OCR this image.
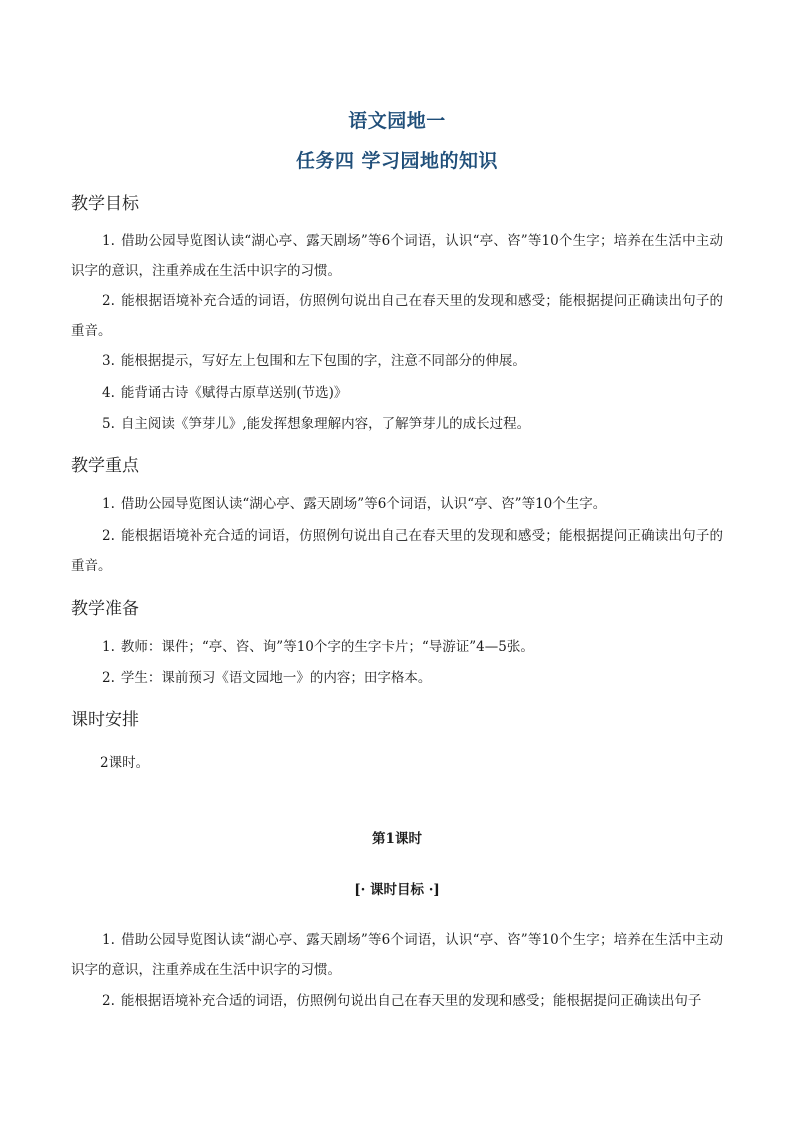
语文园地一
任务四 学习园地的知识
教学目标
1. 借助公园导览图认读“湖心亭、露天剧场”等6个词语，认识“亭、咨”等10个生字；培养在生活中主动识字的意识，注重养成在生活中识字的习惯。
2. 能根据语境补充合适的词语，仿照例句说出自己在春天里的发现和感受；能根据提问正确读出句子的重音。
3. 能根据提示，写好左上包围和左下包围的字，注意不同部分的伸展。
4. 能背诵古诗《赋得古原草送别(节选)》
5. 自主阅读《笋芽儿》,能发挥想象理解内容，了解笋芽儿的成长过程。
教学重点
1. 借助公园导览图认读“湖心亭、露天剧场”等6个词语，认识“亭、咨”等10个生字。
2. 能根据语境补充合适的词语，仿照例句说出自己在春天里的发现和感受；能根据提问正确读出句子的重音。
教学准备
1. 教师：课件；“亭、咨、询”等10个字的生字卡片；“导游证”4—5张。
2. 学生：课前预习《语文园地一》的内容；田字格本。
课时安排
2课时。
第1课时
[· 课时目标 ·]
1. 借助公园导览图认读“湖心亭、露天剧场”等6个词语，认识“亭、咨”等10个生字；培养在生活中主动识字的意识，注重养成在生活中识字的习惯。
2. 能根据语境补充合适的词语，仿照例句说出自己在春天里的发现和感受；能根据提问正确读出句子
